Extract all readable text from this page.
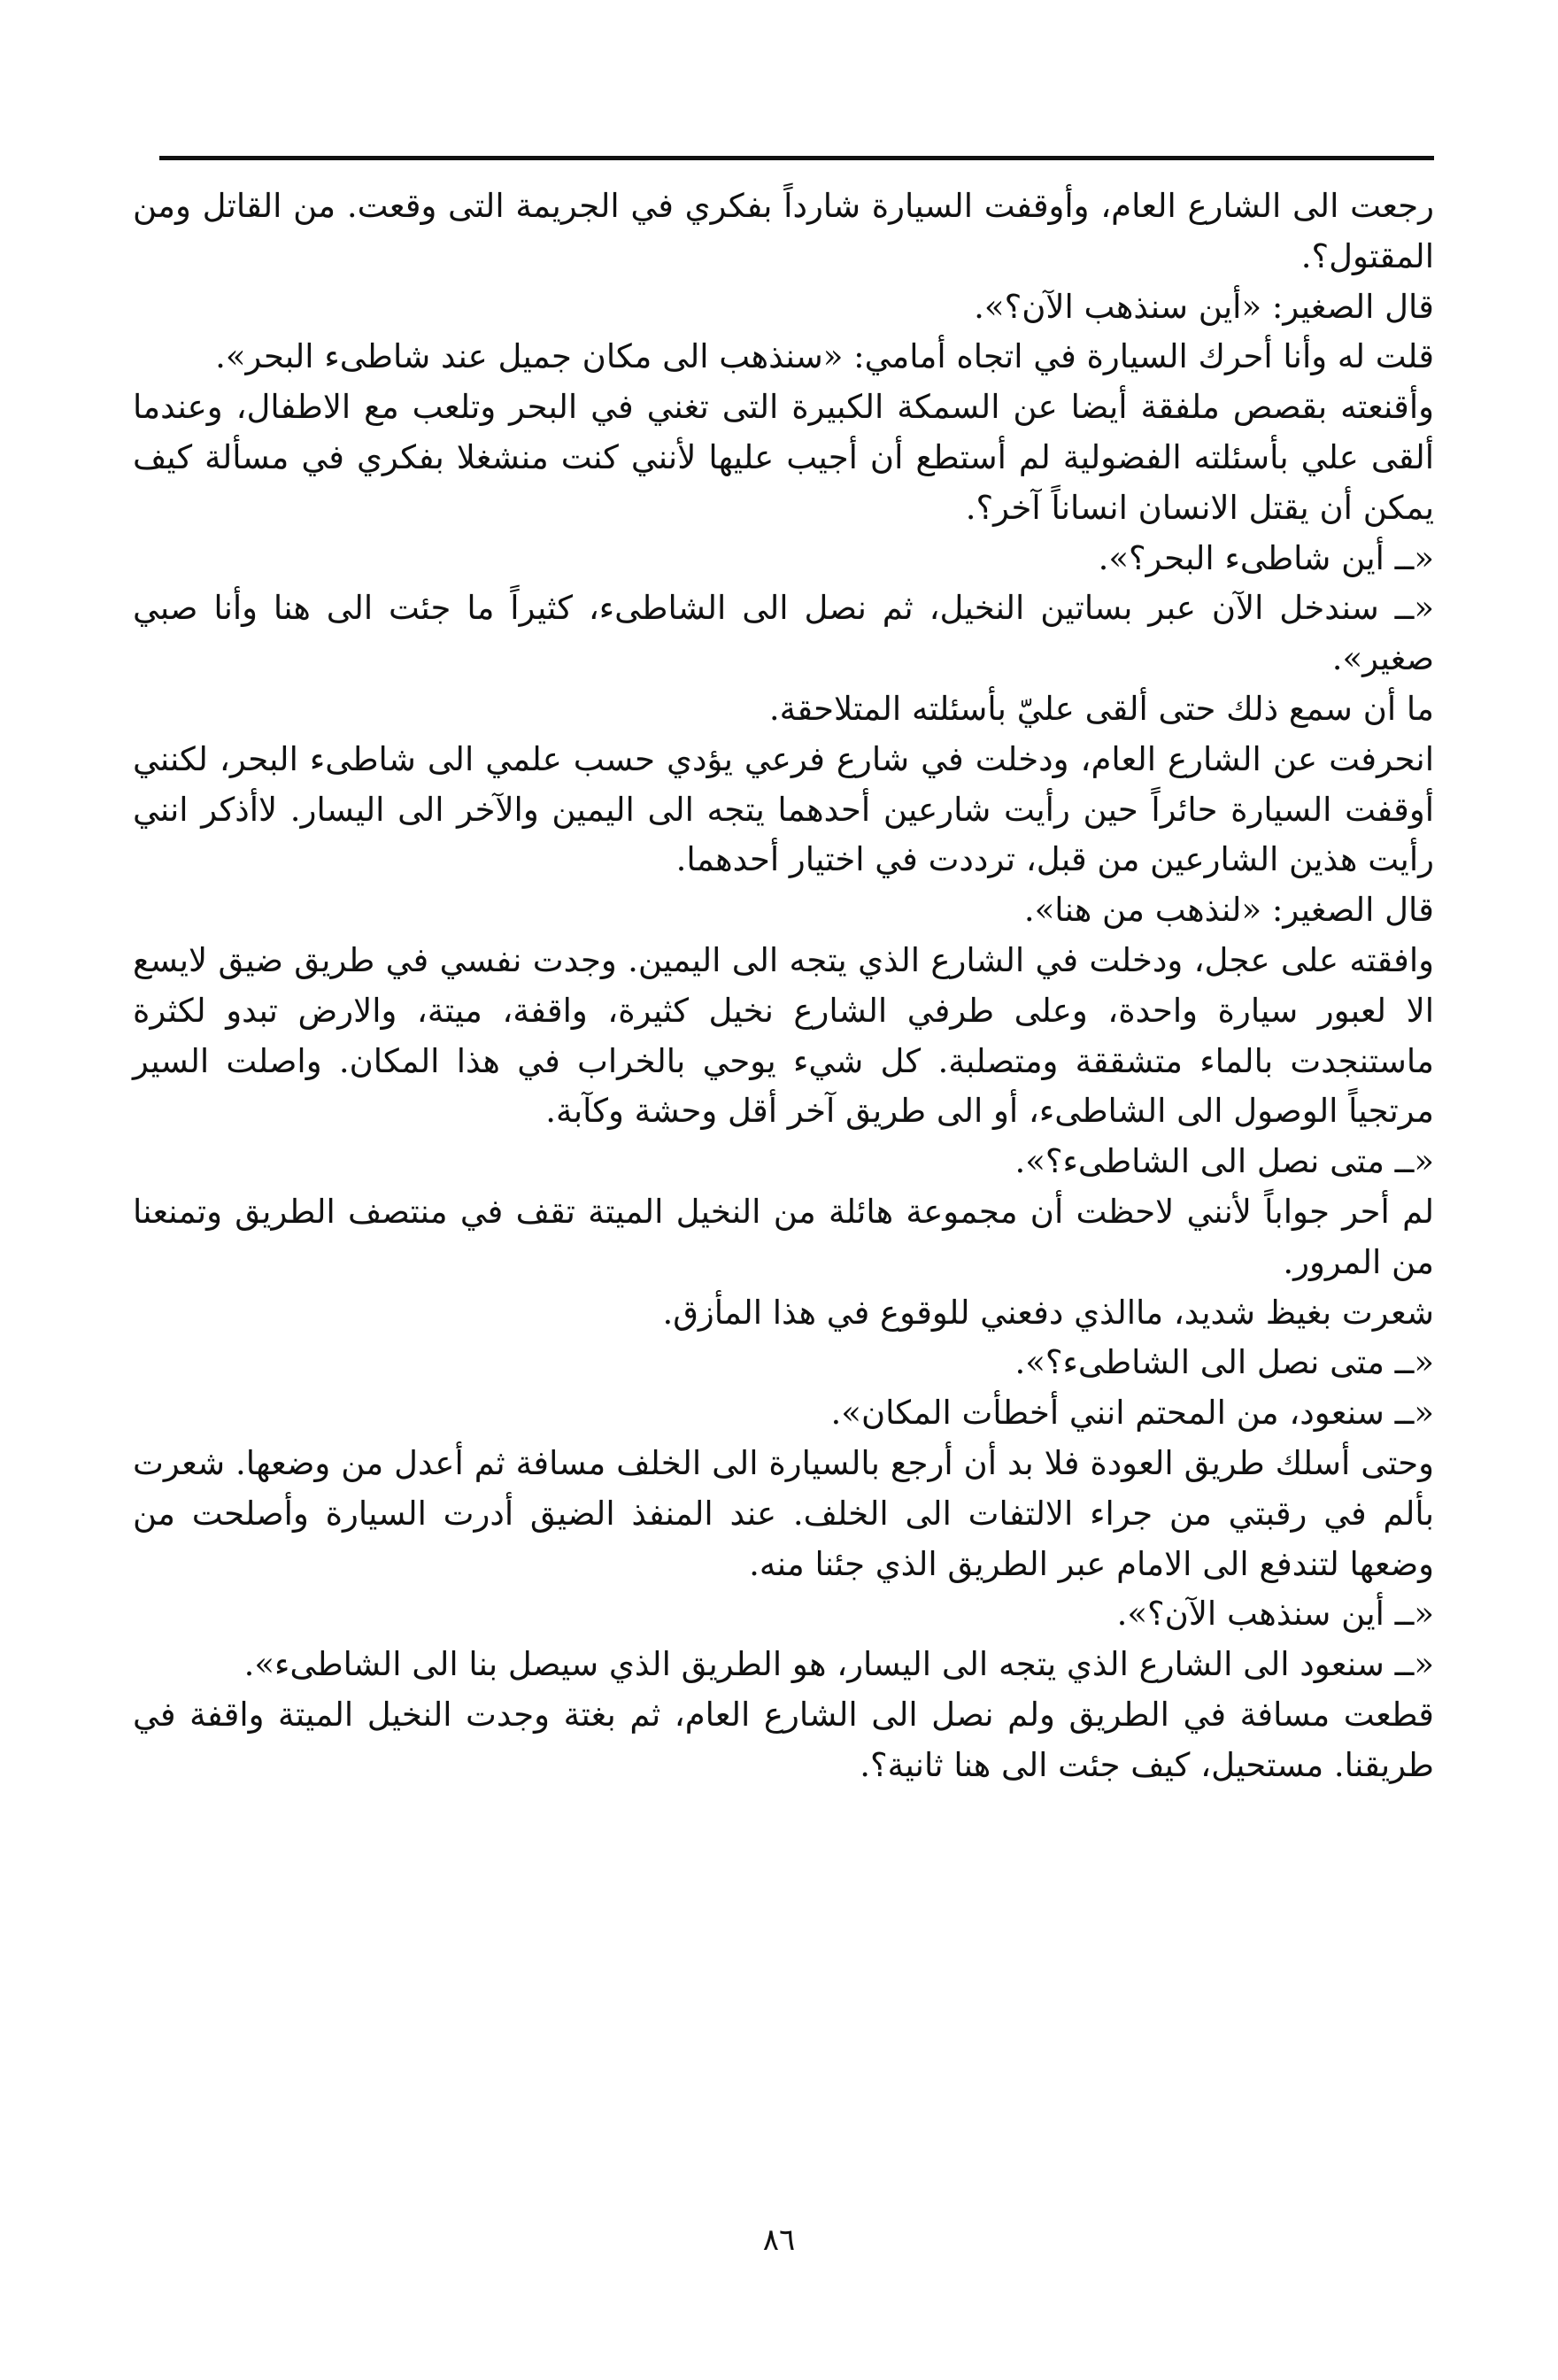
رجعت الى الشارع العام، وأوقفت السيارة شارداً بفكري في الجريمة التى وقعت. من القاتل ومن المقتول؟.

قال الصغير: «أين سنذهب الآن؟».

قلت له وأنا أحرك السيارة في اتجاه أمامي: «سنذهب الى مكان جميل عند شاطىء البحر».

وأقنعته بقصص ملفقة أيضا عن السمكة الكبيرة التى تغني في البحر وتلعب مع الاطفال، وعندما ألقى علي بأسئلته الفضولية لم أستطع أن أجيب عليها لأنني كنت منشغلا بفكري في مسألة كيف يمكن أن يقتل الانسان انساناً آخر؟.

«ــ أين شاطىء البحر؟».

«ــ سندخل الآن عبر بساتين النخيل، ثم نصل الى الشاطىء، كثيراً ما جئت الى هنا وأنا صبي صغير».

ما أن سمع ذلك حتى ألقى عليّ بأسئلته المتلاحقة.

انحرفت عن الشارع العام، ودخلت في شارع فرعي يؤدي حسب علمي الى شاطىء البحر، لكنني أوقفت السيارة حائراً حين رأيت شارعين أحدهما يتجه الى اليمين والآخر الى اليسار. لاأذكر انني رأيت هذين الشارعين من قبل، ترددت في اختيار أحدهما.

قال الصغير: «لنذهب من هنا».

وافقته على عجل، ودخلت في الشارع الذي يتجه الى اليمين. وجدت نفسي في طريق ضيق لايسع الا لعبور سيارة واحدة، وعلى طرفي الشارع نخيل كثيرة، واقفة، ميتة، والارض تبدو لكثرة ماستنجدت بالماء متشققة ومتصلبة. كل شيء يوحي بالخراب في هذا المكان. واصلت السير مرتجياً الوصول الى الشاطىء، أو الى طريق آخر أقل وحشة وكآبة.

«ــ متى نصل الى الشاطىء؟».

لم أحر جواباً لأنني لاحظت أن مجموعة هائلة من النخيل الميتة تقف في منتصف الطريق وتمنعنا من المرور.

شعرت بغيظ شديد، ماالذي دفعني للوقوع في هذا المأزق.

«ــ متى نصل الى الشاطىء؟».

«ــ سنعود، من المحتم انني أخطأت المكان».

وحتى أسلك طريق العودة فلا بد أن أرجع بالسيارة الى الخلف مسافة ثم أعدل من وضعها. شعرت بألم في رقبتي من جراء الالتفات الى الخلف. عند المنفذ الضيق أدرت السيارة وأصلحت من وضعها لتندفع الى الامام عبر الطريق الذي جئنا منه.

«ــ أين سنذهب الآن؟».

«ــ سنعود الى الشارع الذي يتجه الى اليسار، هو الطريق الذي سيصل بنا الى الشاطىء».

قطعت مسافة في الطريق ولم نصل الى الشارع العام، ثم بغتة وجدت النخيل الميتة واقفة في طريقنا. مستحيل، كيف جئت الى هنا ثانية؟.

٨٦
